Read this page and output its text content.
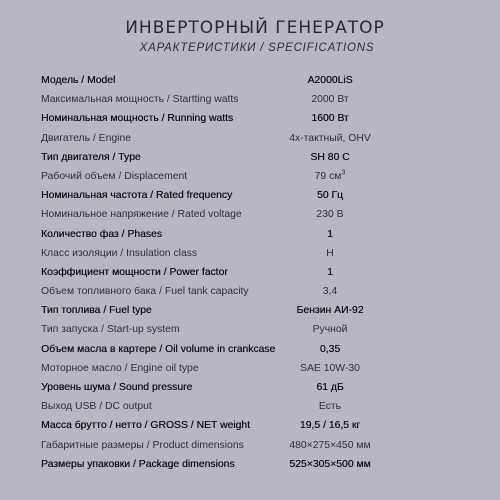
ИНВЕРТОРНЫЙ ГЕНЕРАТОР
ХАРАКТЕРИСТИКИ / SPECIFICATIONS
Модель / Model	A2000LiS
Максимальная мощность / Startting watts	2000 Вт
Номинальная мощность / Running watts	1600 Вт
Двигатель / Engine	4х-тактный, OHV
Тип двигателя / Type	SH 80 C
Рабочий объем / Displacement	79 $см^3$
Номинальная частота / Rated frequency	50 Гц
Номинальное напряжение / Rated voltage	230 В
Количество фаз / Phases	1
Класс изоляции / Insulation class	H
Коэффициент мощности / Power factor	1
Объем топливного бака / Fuel tank capacity	3,4
Тип топлива / Fuel type	Бензин АИ-92
Тип запуска / Start-up system	Ручной
Объем масла в картере / Oil volume in crankcase	0,35
Моторное масло / Engine oil type	SAE 10W-30
Уровень шума / Sound pressure	61 дБ
Выход USB / DC output	Есть
Масса брутто / нетто / GROSS / NET weight	19,5 / 16,5 кг
Габаритные размеры / Product dimensions	480×275×450 мм
Размеры упаковки / Package dimensions	525×305×500 мм
